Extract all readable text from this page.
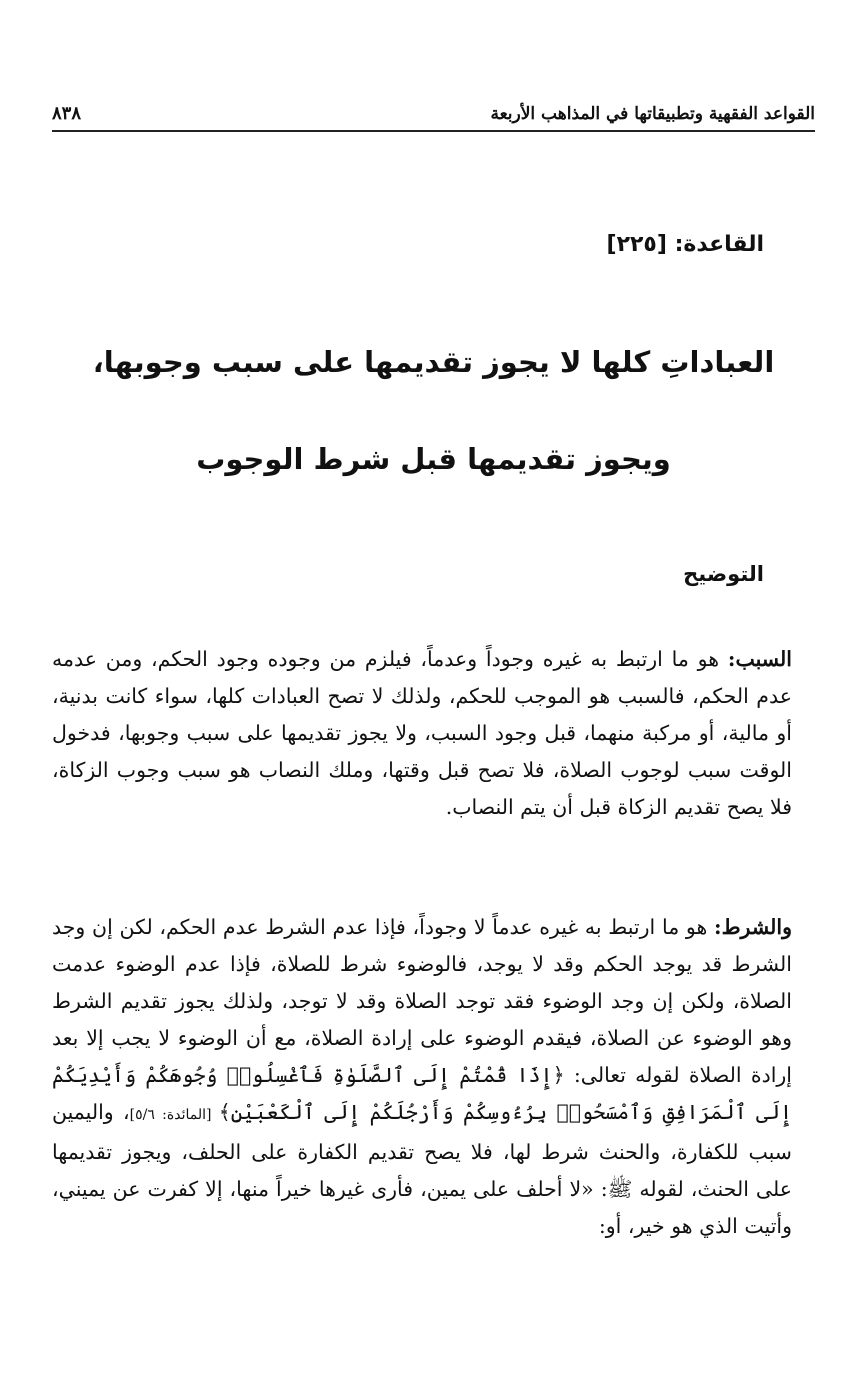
القواعد الفقهية وتطبيقاتها في المذاهب الأربعة
٨٣٨
القاعدة: [٢٢٥]
العباداتِ كلها لا يجوز تقديمها على سبب وجوبها،
ويجوز تقديمها قبل شرط الوجوب
التوضيح

السبب: هو ما ارتبط به غيره وجوداً وعدماً، فيلزم من وجوده وجود الحكم، ومن عدمه عدم الحكم، فالسبب هو الموجب للحكم، ولذلك لا تصح العبادات كلها، سواء كانت بدنية، أو مالية، أو مركبة منهما، قبل وجود السبب، ولا يجوز تقديمها على سبب وجوبها، فدخول الوقت سبب لوجوب الصلاة، فلا تصح قبل وقتها، وملك النصاب هو سبب وجوب الزكاة، فلا يصح تقديم الزكاة قبل أن يتم النصاب.

والشرط: هو ما ارتبط به غيره عدماً لا وجوداً، فإذا عدم الشرط عدم الحكم، لكن إن وجد الشرط قد يوجد الحكم وقد لا يوجد، فالوضوء شرط للصلاة، فإذا عدم الوضوء عدمت الصلاة، ولكن إن وجد الوضوء فقد توجد الصلاة وقد لا توجد، ولذلك يجوز تقديم الشرط وهو الوضوء عن الصلاة، فيقدم الوضوء على إرادة الصلاة، مع أن الوضوء لا يجب إلا بعد إرادة الصلاة لقوله تعالى: ﴿إِذَا قُمْتُمْ إِلَى ٱلصَّلَوٰةِ فَٱغْسِلُوا۟ وُجُوهَكُمْ وَأَيْدِيَكُمْ إِلَى ٱلْمَرَافِقِ وَٱمْسَحُوا۟ بِرُءُوسِكُمْ وَأَرْجُلَكُمْ إِلَى ٱلْكَعْبَيْنِ﴾ [المائدة: ٥/٦]، واليمين سبب للكفارة، والحنث شرط لها، فلا يصح تقديم الكفارة على الحلف، ويجوز تقديمها على الحنث، لقوله ﷺ: «لا أحلف على يمين، فأرى غيرها خيراً منها، إلا كفرت عن يميني، وأتيت الذي هو خير، أو:
